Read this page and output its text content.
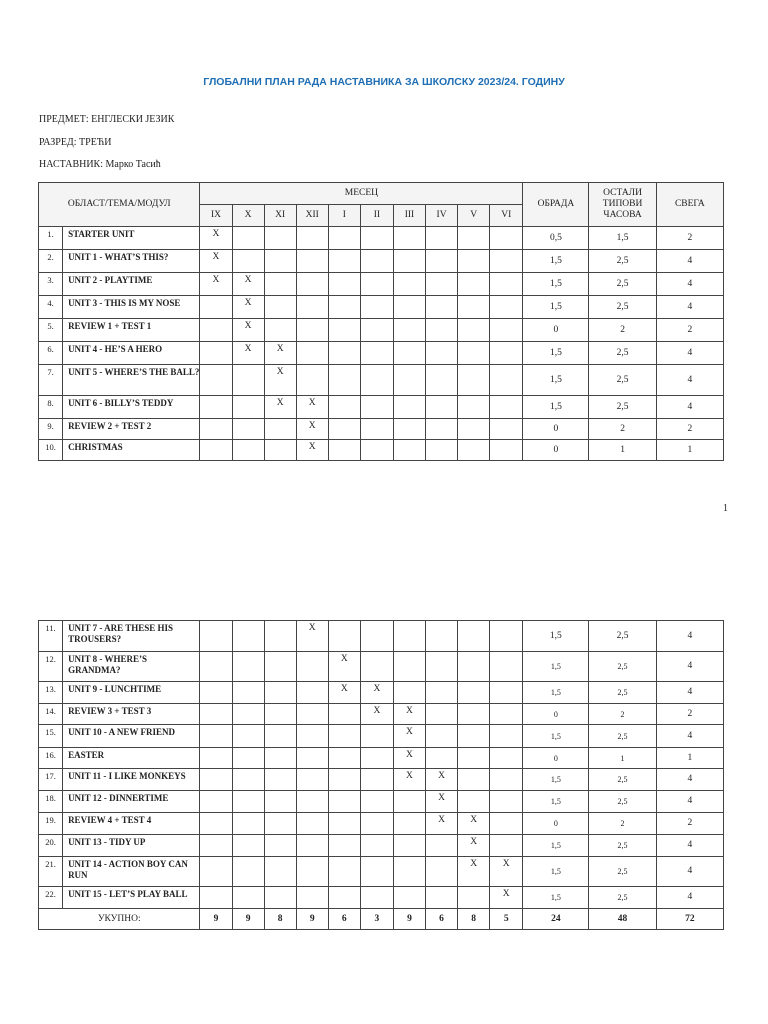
ГЛОБАЛНИ ПЛАН РАДА НАСТАВНИКА ЗА ШКОЛСКУ 2023/24. ГОДИНУ
ПРЕДМЕТ: ЕНГЛЕСКИ ЈЕЗИК
РАЗРЕД: ТРЕЋИ
НАСТАВНИК: Марко Тасић
ОБЛАСТ/ТЕМА/МОДУЛ		МЕСЕЦ										ОБРАДА	ОСТАЛИ ТИПОВИ ЧАСОВА	СВЕГА
		IX	X	XI	XII	I	II	III	IV	V	VI			
1.	STARTER UNIT	X										0,5	1,5	2
2.	UNIT 1 - WHAT’S THIS?	X										1,5	2,5	4
3.	UNIT 2 - PLAYTIME	X	X									1,5	2,5	4
4.	UNIT 3 - THIS IS MY NOSE		X									1,5	2,5	4
5.	REVIEW 1 + TEST 1		X									0	2	2
6.	UNIT 4 - HE’S A HERO		X	X								1,5	2,5	4
7.	UNIT 5 - WHERE’S THE BALL?			X								1,5	2,5	4
8.	UNIT 6 - BILLY’S TEDDY			X	X							1,5	2,5	4
9.	REVIEW 2 + TEST 2				X							0	2	2
10.	CHRISTMAS				X							0	1	1
1
11.	UNIT 7 - ARE THESE HIS TROUSERS?				X							1,5	2,5	4
12.	UNIT 8 - WHERE’S GRANDMA?					X						1,5	2,5	4
13.	UNIT 9 - LUNCHTIME					X	X					1,5	2,5	4
14.	REVIEW 3 + TEST 3						X	X				0	2	2
15.	UNIT 10 - A NEW FRIEND							X				1,5	2,5	4
16.	EASTER							X				0	1	1
17.	UNIT 11 - I LIKE MONKEYS							X	X			1,5	2,5	4
18.	UNIT 12 - DINNERTIME								X			1,5	2,5	4
19.	REVIEW 4 + TEST 4								X	X		0	2	2
20.	UNIT 13 - TIDY UP									X		1,5	2,5	4
21.	UNIT 14 - ACTION BOY CAN RUN									X	X	1,5	2,5	4
22.	UNIT 15 - LET’S PLAY BALL										X	1,5	2,5	4
УКУПНО:		9	9	8	9	6	3	9	6	8	5	24	48	72
